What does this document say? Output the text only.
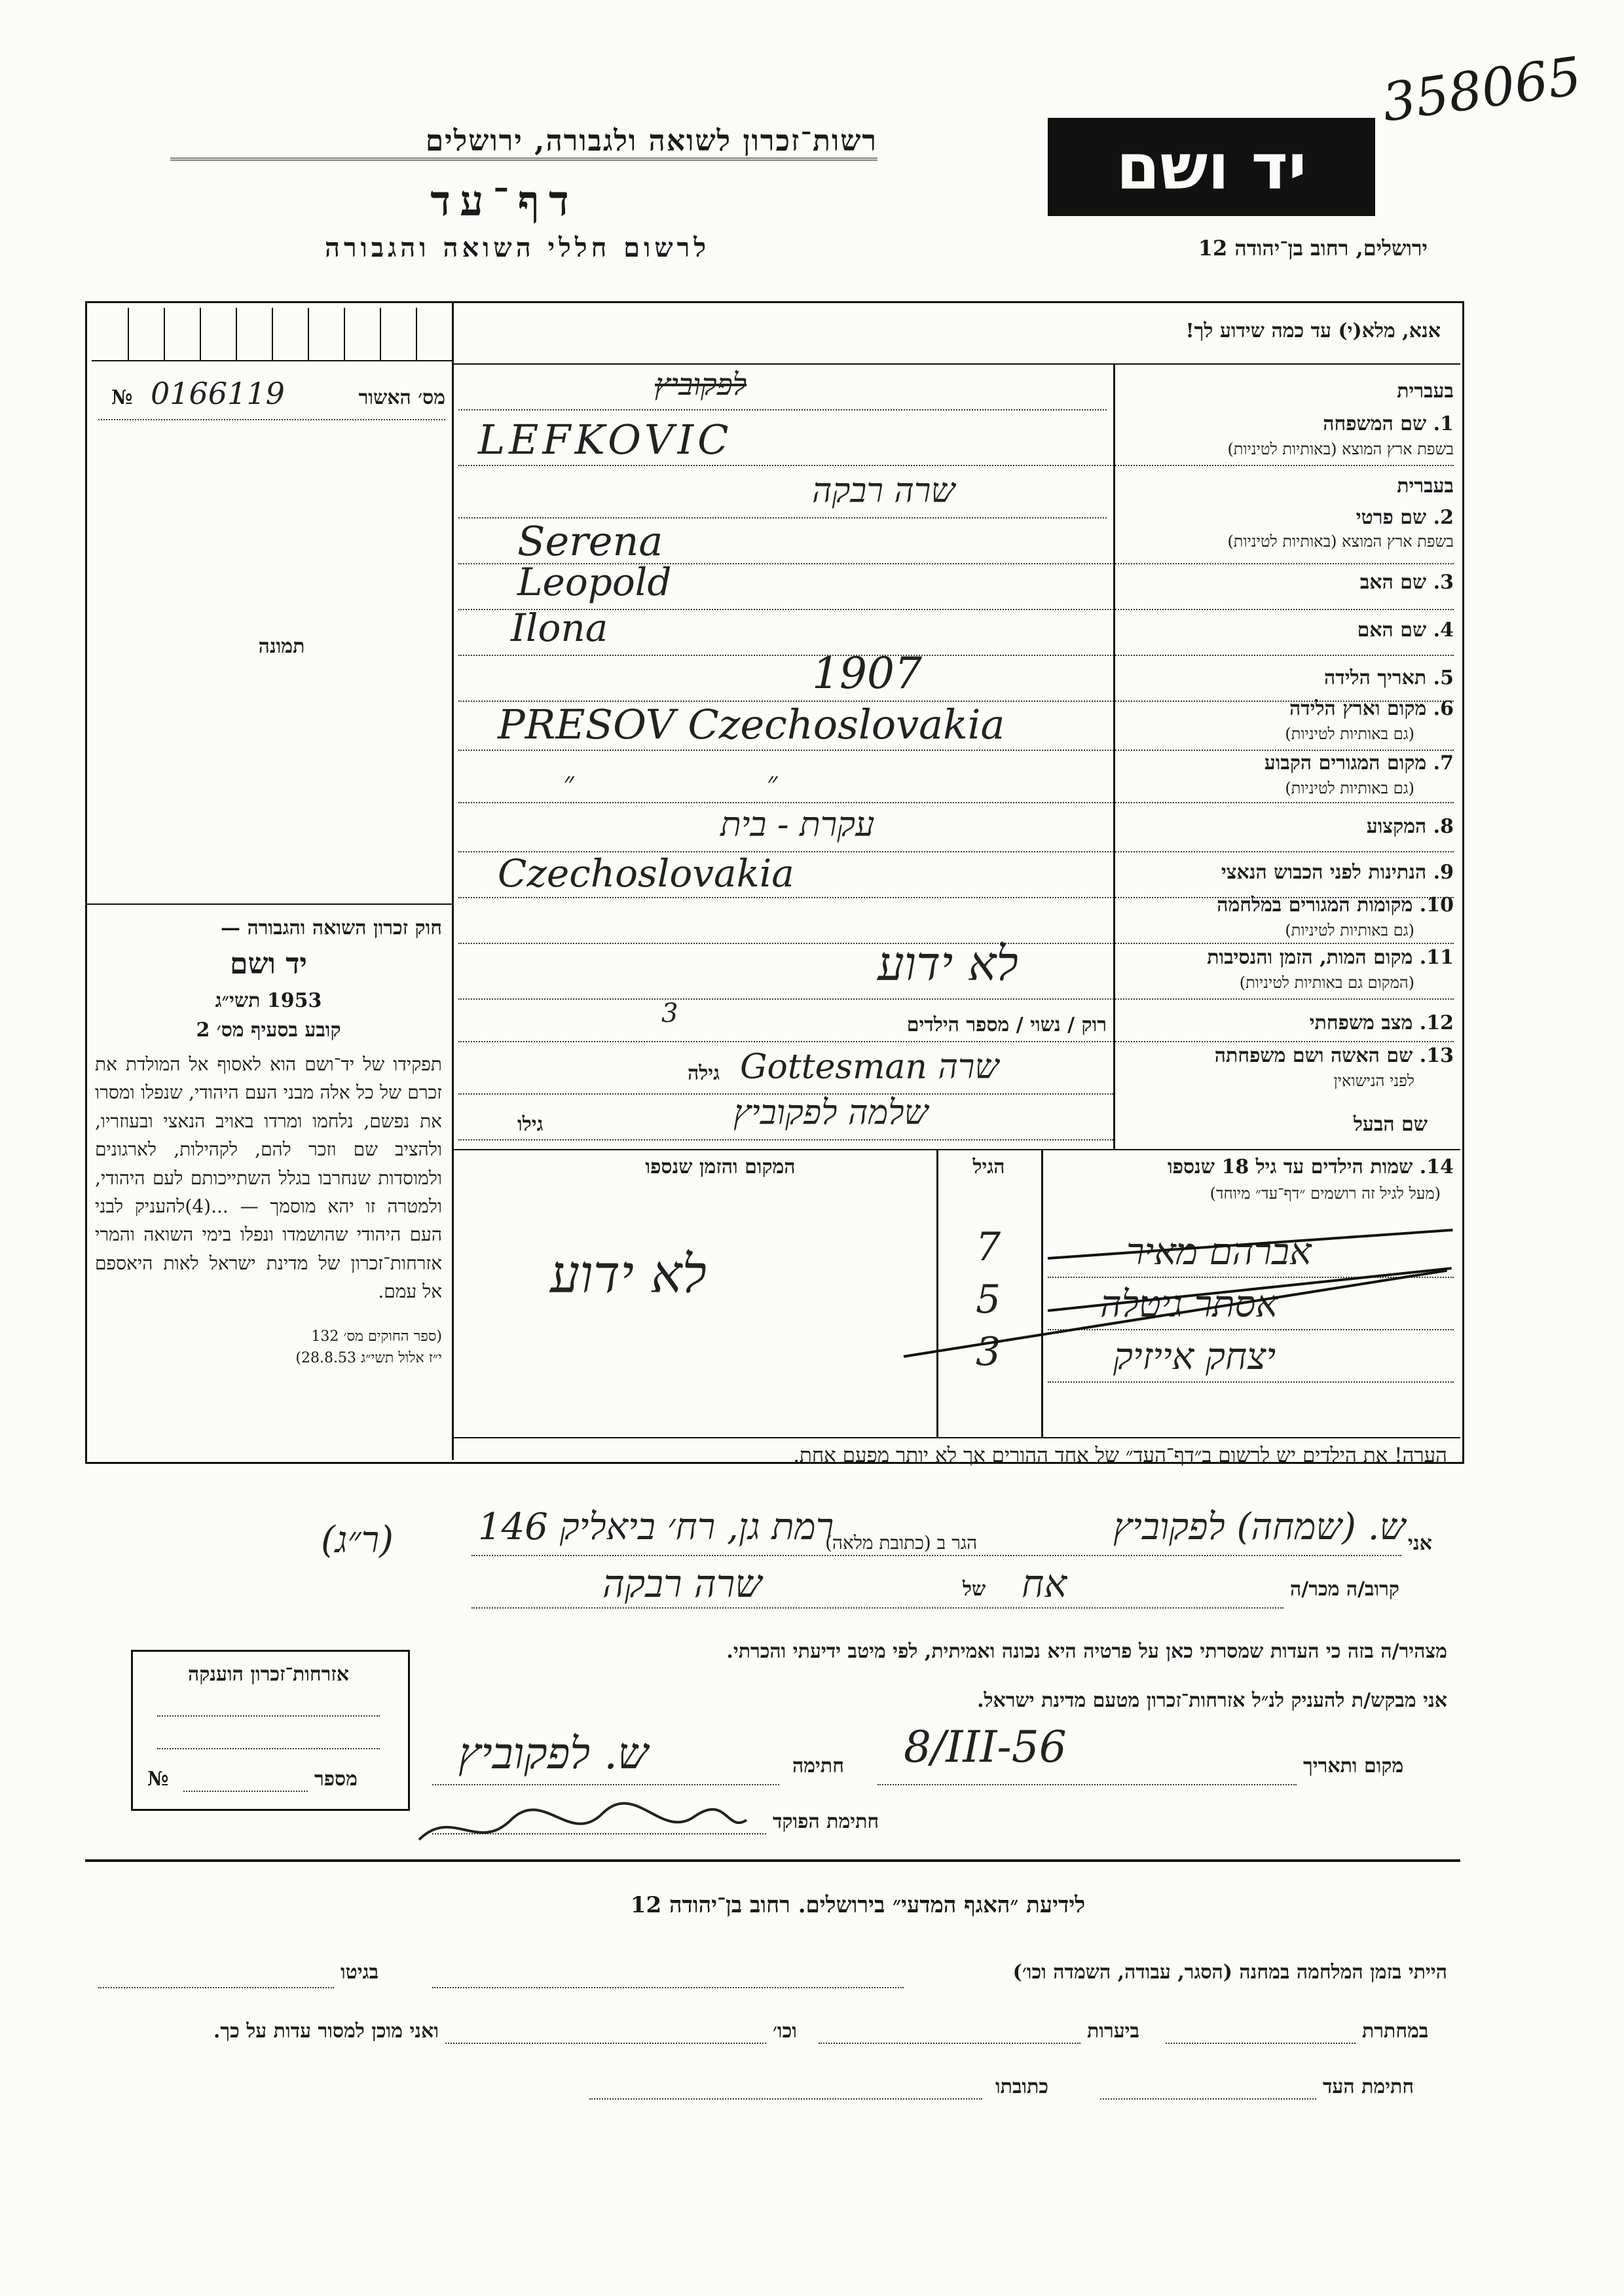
358065
רשות־זכרון לשואה ולגבורה, ירושלים
דף־עד
לרשום חללי השואה והגבורה
יד ושם
ירושלים, רחוב בן־יהודה 12
אנא, מלא(י) עד כמה שידוע לך!
מס׳ האשור
0166119
№
תמונה
חוק זכרון השואה והגבורה —
יד ושם
1953 תשי״ג
קובע בסעיף מס׳ 2
תפקידו של יד־ושם הוא לאסוף אל המולדת את זכרם של כל אלה מבני העם היהודי, שנפלו ומסרו את נפשם, נלחמו ומרדו באויב הנאצי ובעוזריו, ולהציב שם וזכר להם, לקהילות, לארגונים ולמוסדות שנחרבו בגלל השתייכותם לעם היהודי, ולמטרה זו יהא מוסמך — ...(4)להעניק לבני העם היהודי שהושמדו ונפלו בימי השואה והמרי אזרחות־זכרון של מדינת ישראל לאות היאספם אל עמם.
(ספר החוקים מס׳ 132
י״ז אלול תשי״ג 28.8.53)
בעברית
1. שם המשפחה
בשפת ארץ המוצא (באותיות לטיניות)
לפקוביץ
LEFKOVIC
בעברית
2. שם פרטי
בשפת ארץ המוצא (באותיות לטיניות)
שרה רבקה
Serena
3. שם האב
Leopold
4. שם האם
Ilona
5. תאריך הלידה
1907
6. מקום וארץ הלידה
(גם באותיות לטיניות)
PRESOV Czechoslovakia
7. מקום המגורים הקבוע
(גם באותיות לטיניות)
״ ״
8. המקצוע
עקרת - בית
9. הנתינות לפני הכבוש הנאצי
Czechoslovakia
10. מקומות המגורים במלחמה
(גם באותיות לטיניות)
11. מקום המות, הזמן והנסיבות
(המקום גם באותיות לטיניות)
לא ידוע
12. מצב משפחתי
רוק / נשוי / מספר הילדים
3
13. שם האשה ושם משפחתה
לפני הנישואין
גילה שרה Gottesman
שם הבעל
גילו	שלמה לפקוביץ
14. שמות הילדים עד גיל 18 שנספו
(מעל לגיל זה רושמים ״דף־עד״ מיוחד)
הגיל
המקום והזמן שנספו
אברהם מאיר
7
אסתר גיטלה
5
יצחק אייזיק
3
לא ידוע
הערה! את הילדים יש לרשום ב״דף־העד״ של אחד ההורים אך לא יותר מפעם אחת.
אני
ש. (שמחה) לפקוביץ
הגר ב (כתובת מלאה)
רמת גן, רח׳ ביאליק 146
(ר״ג)
קרוב/ה מכר/ה
אח
של
שרה רבקה
מצהיר/ה בזה כי העדות שמסרתי כאן על פרטיה היא נכונה ואמיתית, לפי מיטב ידיעתי והכרתי.
אני מבקש/ת להעניק לנ״ל אזרחות־זכרון מטעם מדינת ישראל.
מקום ותאריך
8/III-56
חתימה
ש. לפקוביץ
חתימת הפוקד
אזרחות־זכרון הוענקה
מספר
№
לידיעת ״האגף המדעי״ בירושלים. רחוב בן־יהודה 12
הייתי בזמן המלחמה במחנה (הסגר, עבודה, השמדה וכו׳)
בגיטו
במחתרת
ביערות
וכו׳
ואני מוכן למסור עדות על כך.
חתימת העד
כתובתו
